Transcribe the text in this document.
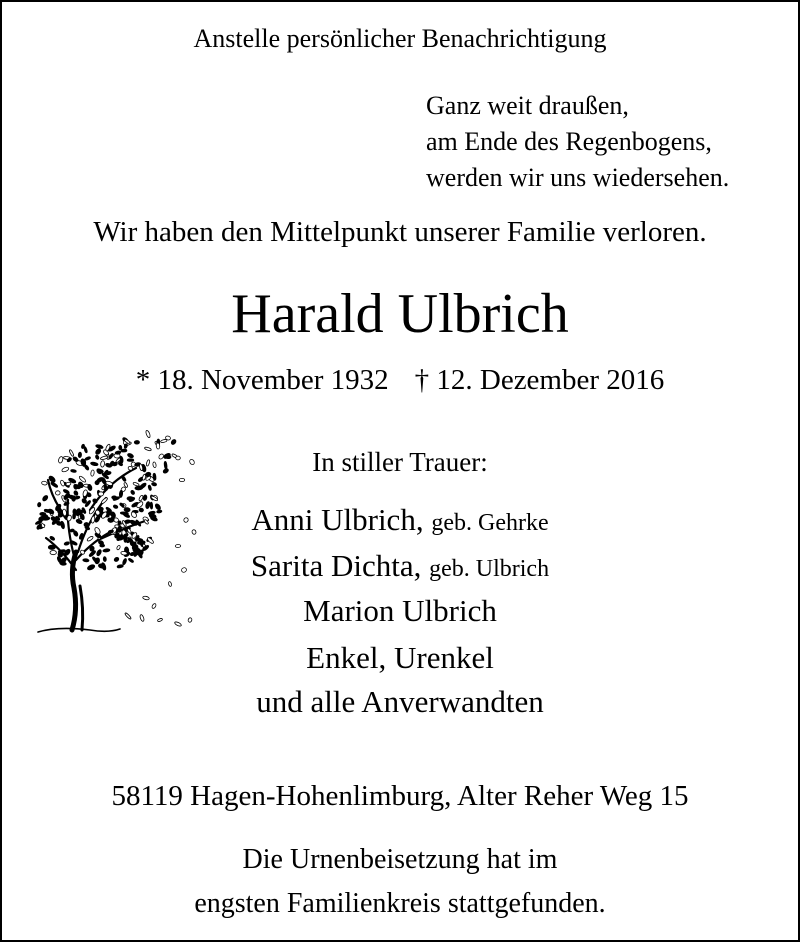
Anstelle persönlicher Benachrichtigung
Ganz weit draußen,
am Ende des Regenbogens,
werden wir uns wiedersehen.
Wir haben den Mittelpunkt unserer Familie verloren.
Harald Ulbrich
* 18. November 1932 † 12. Dezember 2016
In stiller Trauer:
Anni Ulbrich, geb. Gehrke
Sarita Dichta, geb. Ulbrich
Marion Ulbrich
Enkel, Urenkel
und alle Anverwandten
58119 Hagen-Hohenlimburg, Alter Reher Weg 15
Die Urnenbeisetzung hat im
engsten Familienkreis stattgefunden.
